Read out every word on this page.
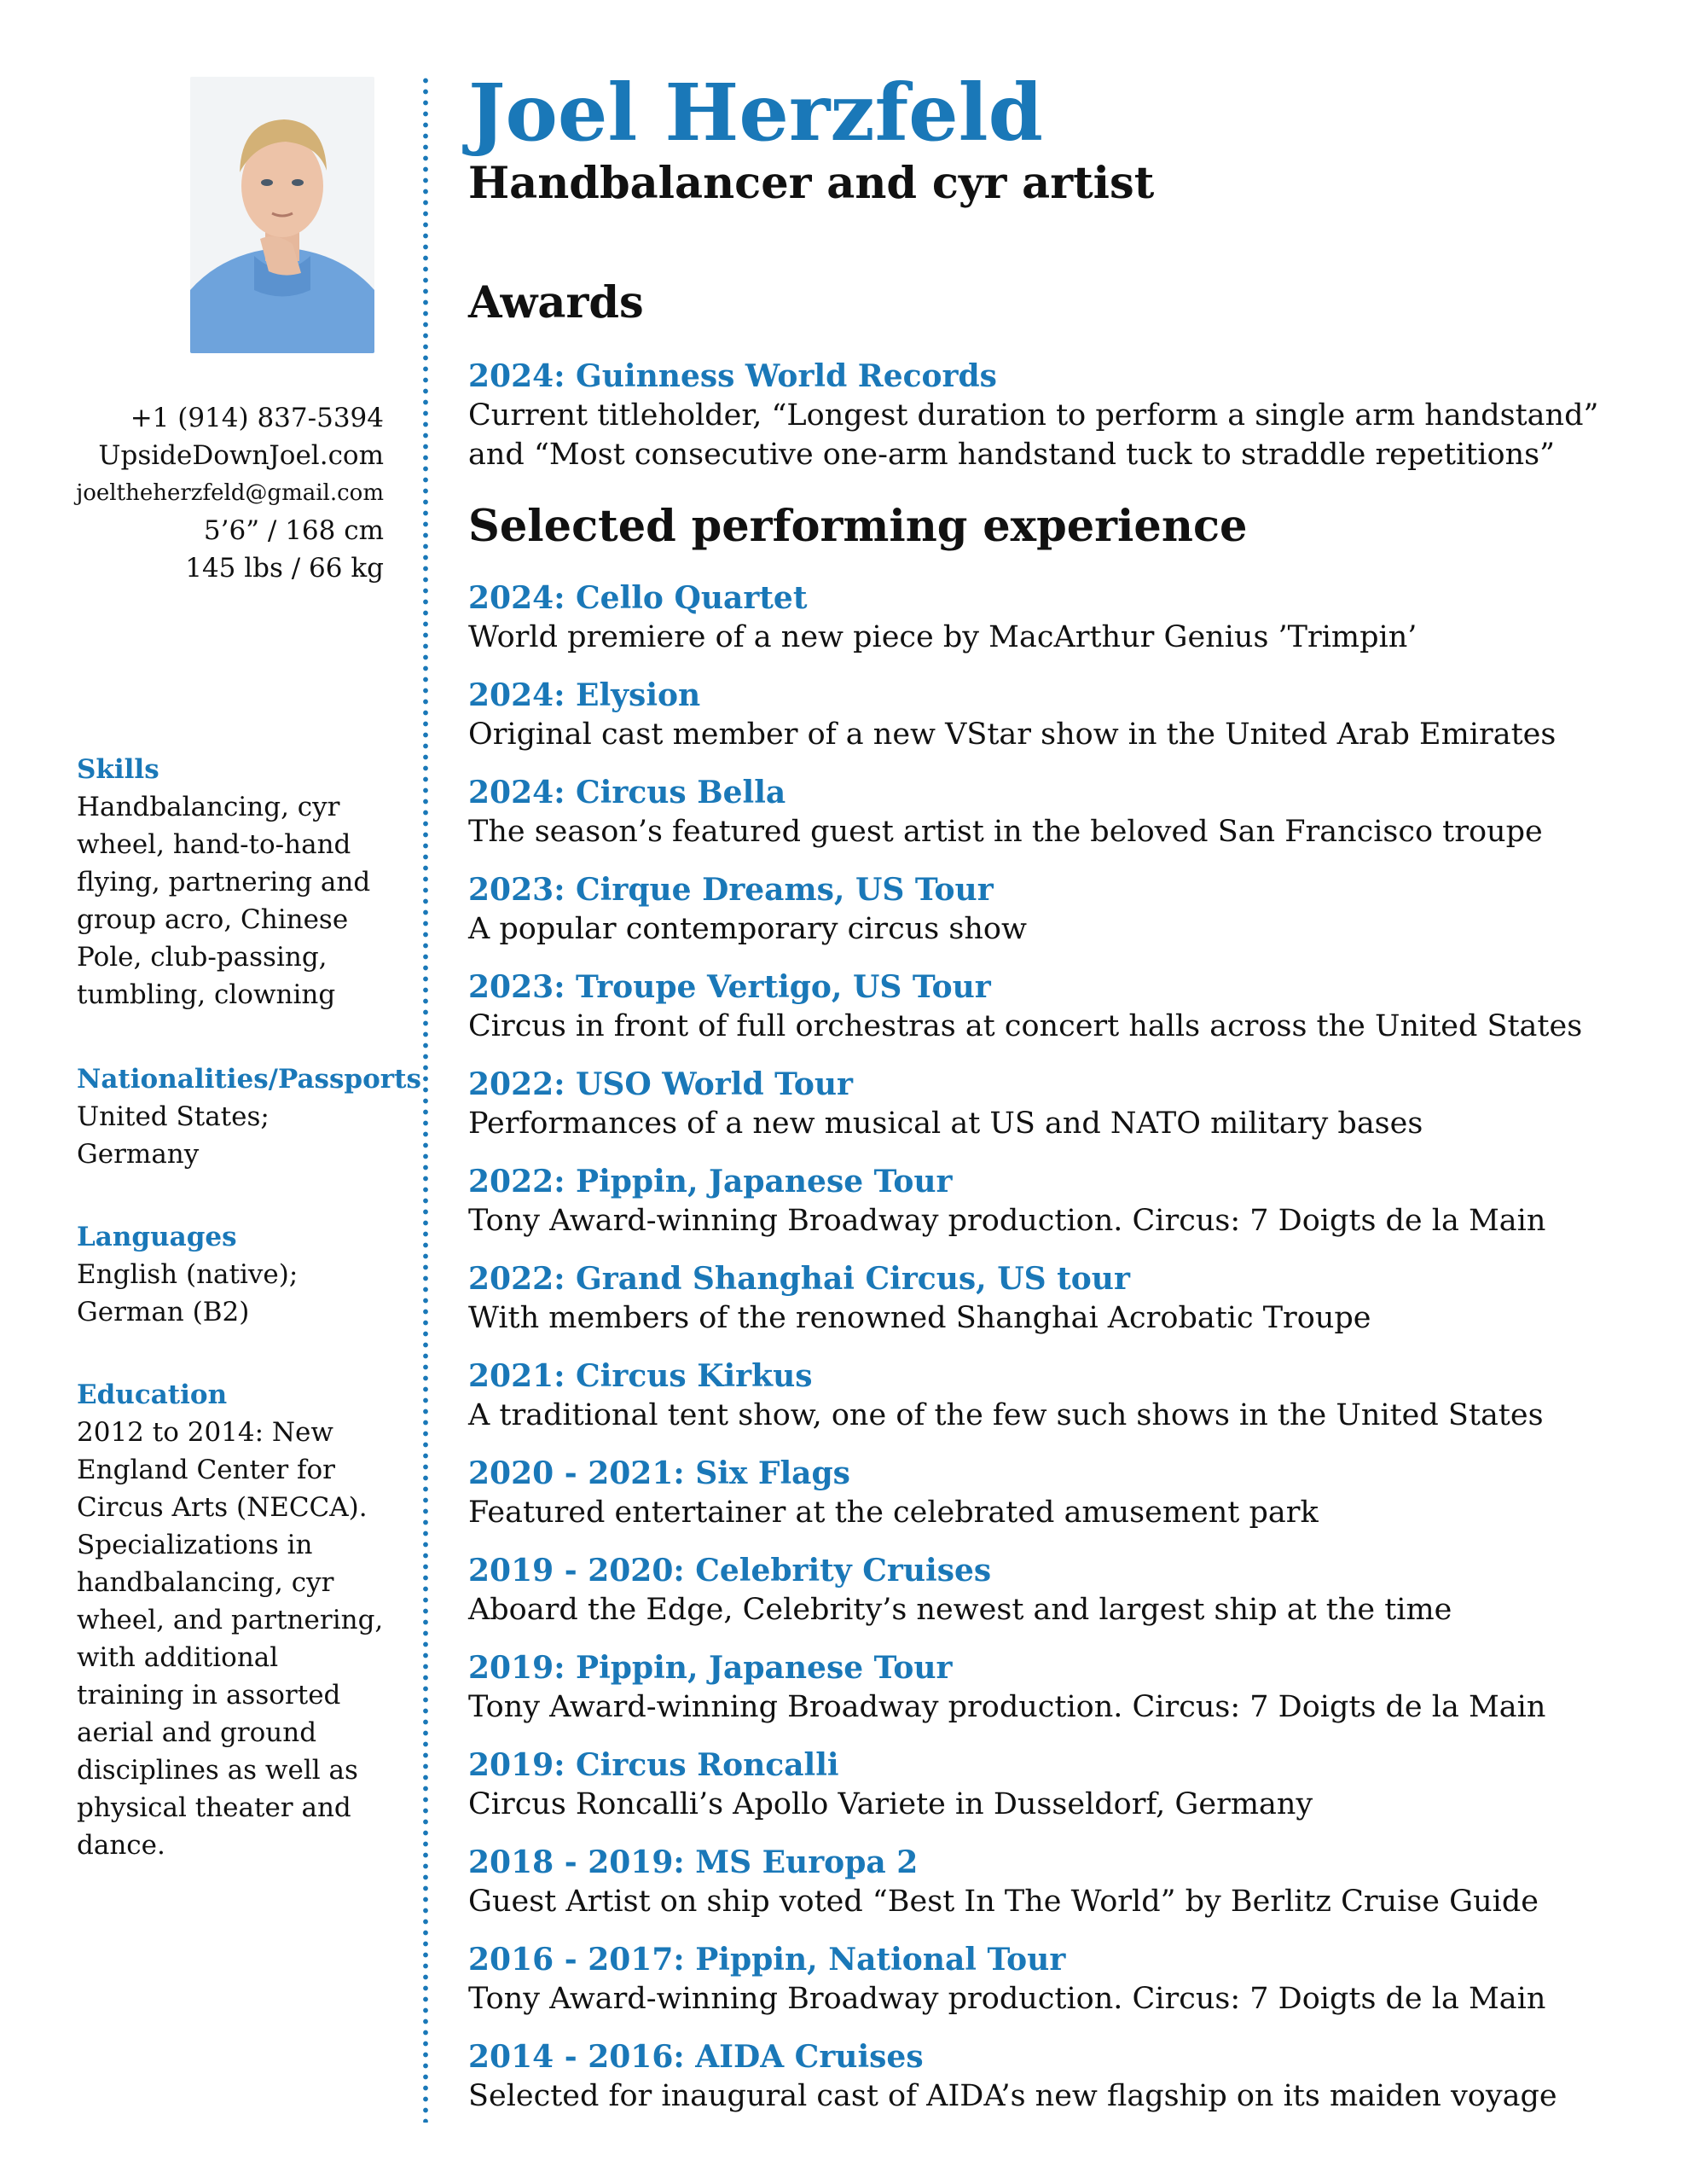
+1 (914) 837-5394
UpsideDownJoel.com
joeltheherzfeld@gmail.com
5’6” / 168 cm
145 lbs / 66 kg
Skills

Handbalancing, cyr

wheel, hand-to-hand

flying, partnering and

group acro, Chinese

Pole, club-passing,

tumbling, clowning

Nationalities/Passports

United States;

Germany

Languages

English (native);

German (B2)

Education

2012 to 2014: New

England Center for

Circus Arts (NECCA).

Specializations in

handbalancing, cyr

wheel, and partnering,

with additional

training in assorted

aerial and ground

disciplines as well as

physical theater and

dance.

Joel Herzfeld
Handbalancer and cyr artist
Awards
2024: Guinness World Records
Current titleholder, “Longest duration to perform a single arm handstand”
and “Most consecutive one-arm handstand tuck to straddle repetitions”
Selected performing experience
2024: Cello Quartet
World premiere of a new piece by MacArthur Genius ’Trimpin’
2024: Elysion
Original cast member of a new VStar show in the United Arab Emirates
2024: Circus Bella
The season’s featured guest artist in the beloved San Francisco troupe
2023: Cirque Dreams, US Tour
A popular contemporary circus show
2023: Troupe Vertigo, US Tour
Circus in front of full orchestras at concert halls across the United States
2022: USO World Tour
Performances of a new musical at US and NATO military bases
2022: Pippin, Japanese Tour
Tony Award-winning Broadway production. Circus: 7 Doigts de la Main
2022: Grand Shanghai Circus, US tour
With members of the renowned Shanghai Acrobatic Troupe
2021: Circus Kirkus
A traditional tent show, one of the few such shows in the United States
2020 - 2021: Six Flags
Featured entertainer at the celebrated amusement park
2019 - 2020: Celebrity Cruises
Aboard the Edge, Celebrity’s newest and largest ship at the time
2019: Pippin, Japanese Tour
Tony Award-winning Broadway production. Circus: 7 Doigts de la Main
2019: Circus Roncalli
Circus Roncalli’s Apollo Variete in Dusseldorf, Germany
2018 - 2019: MS Europa 2
Guest Artist on ship voted “Best In The World” by Berlitz Cruise Guide
2016 - 2017: Pippin, National Tour
Tony Award-winning Broadway production. Circus: 7 Doigts de la Main
2014 - 2016: AIDA Cruises
Selected for inaugural cast of AIDA’s new flagship on its maiden voyage
